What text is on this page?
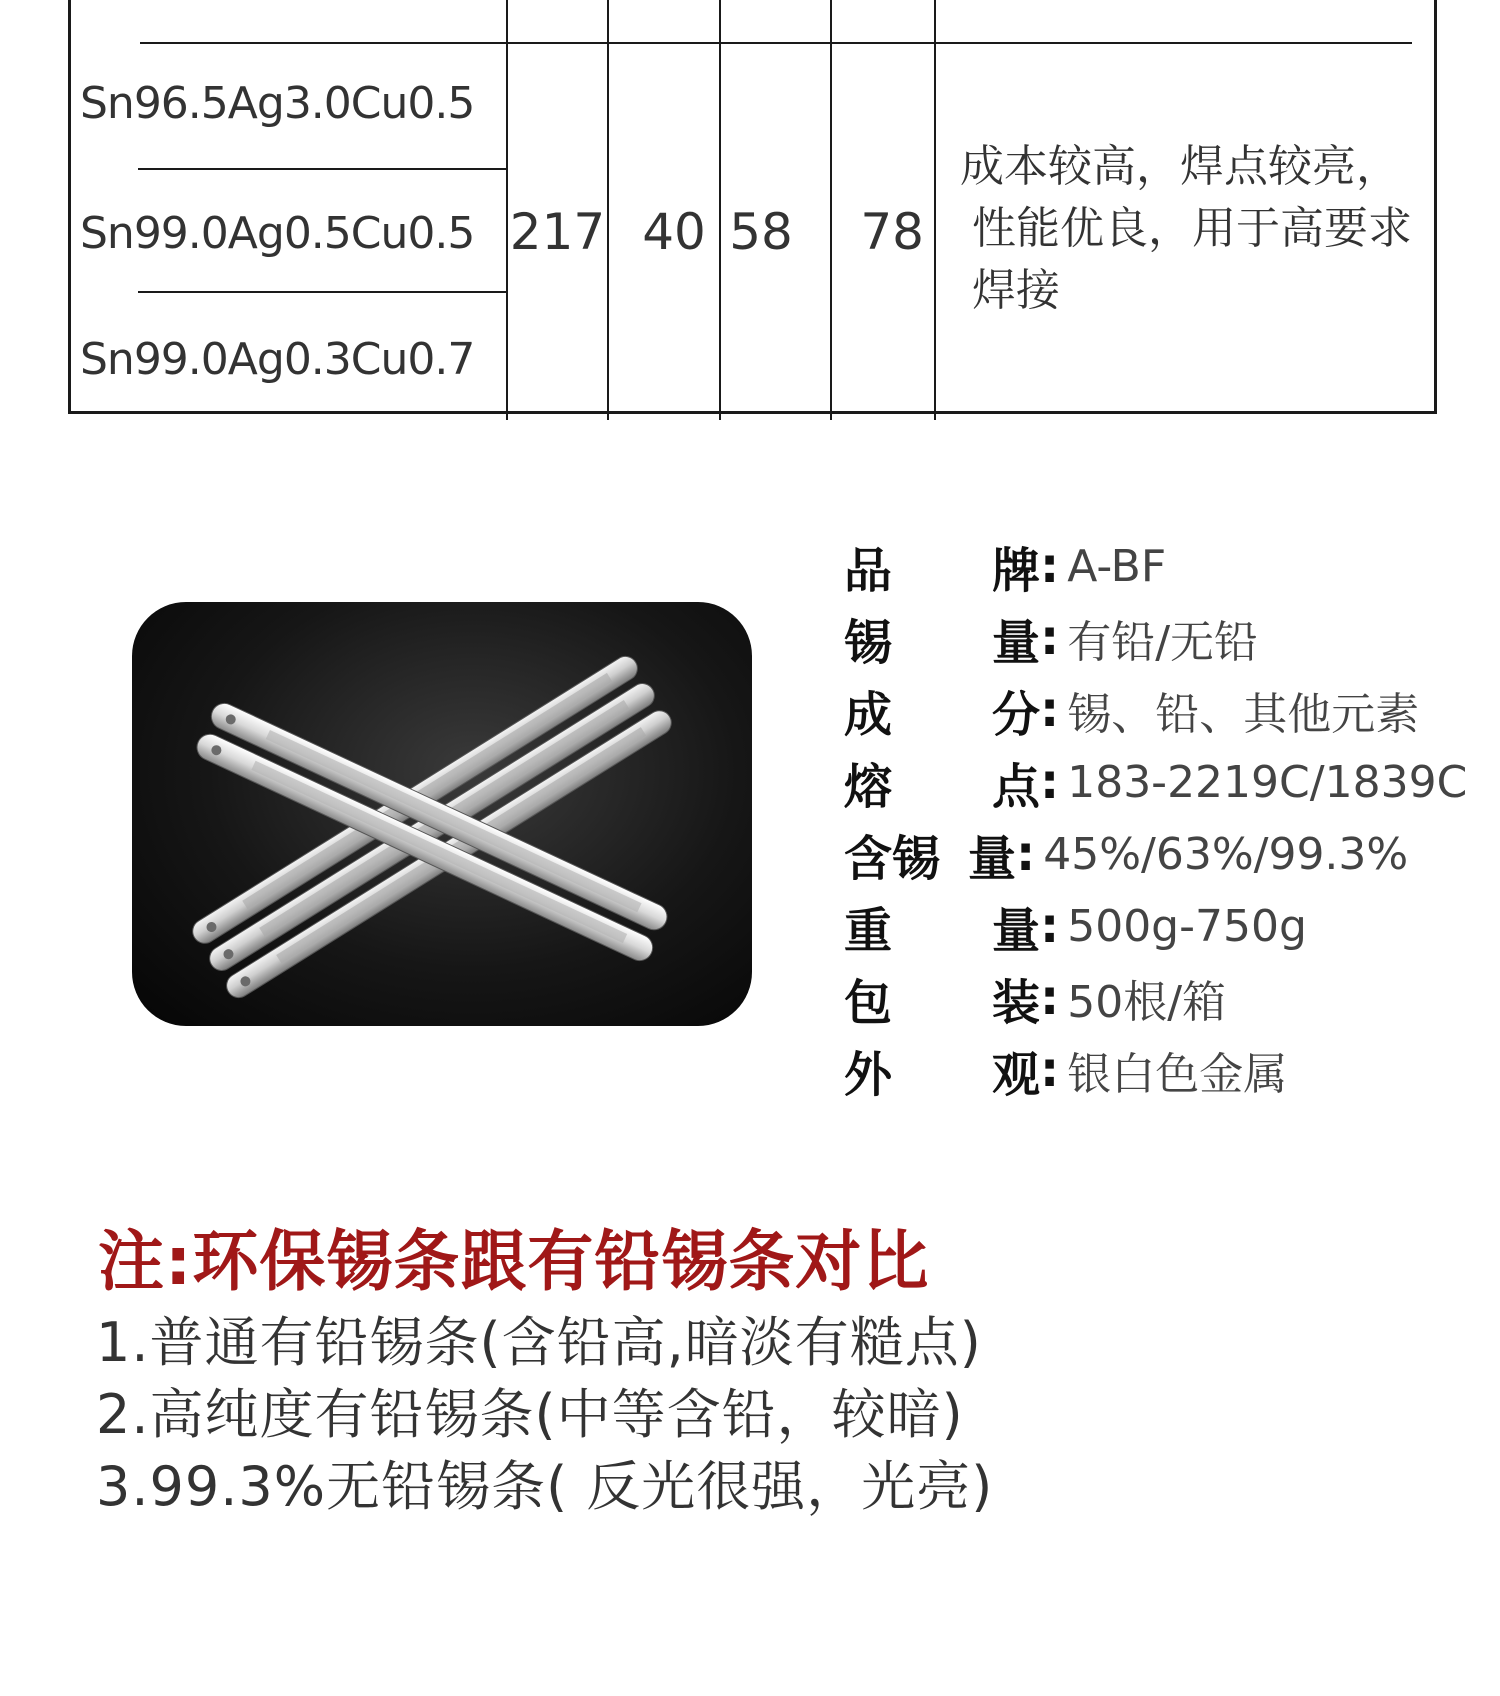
Sn96.5Ag3.0Cu0.5
Sn99.0Ag0.5Cu0.5
Sn99.0Ag0.3Cu0.7
217 40 58	78
成本较高，焊点较亮，
性能优良，用于高要求
焊接
品 牌 : A-BF
锡 量 : 有铅/无铅
成 分 : 锡、铅、其他元素
熔 点 : 183-2219C/1839C
含锡 量 : 45%/63%/99.3%
重 量 : 500g-750g
包 装 : 50根/箱
外 观 : 银白色金属
注:环保锡条跟有铅锡条对比
1.普通有铅锡条(含铅高,暗淡有糙点)
2.高纯度有铅锡条(中等含铅，较暗)
3.99.3%无铅锡条( 反光很强，光亮)
